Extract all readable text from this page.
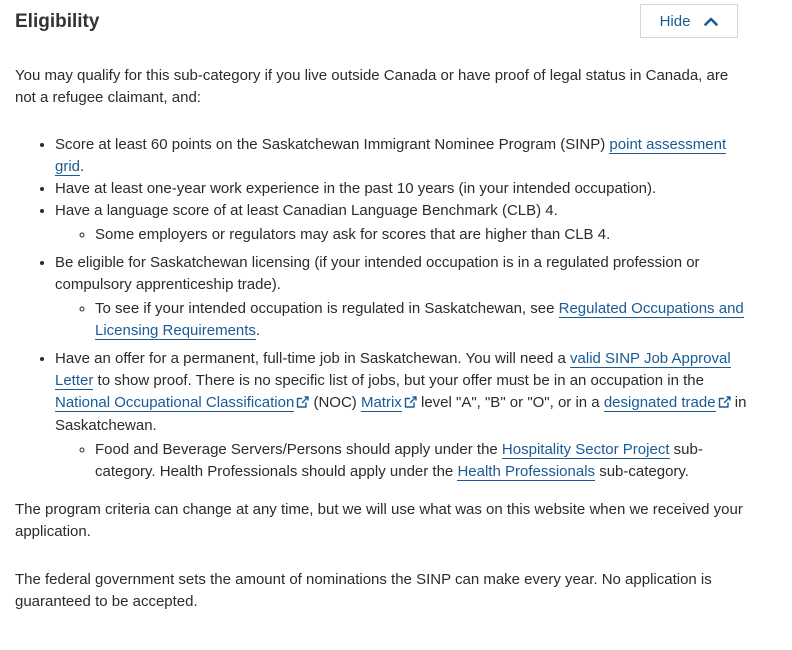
Eligibility	Hide

You may qualify for this sub-category if you live outside Canada or have proof of legal status in Canada, are not a refugee claimant, and:

• Score at least 60 points on the Saskatchewan Immigrant Nominee Program (SINP) point assessment grid.
• Have at least one-year work experience in the past 10 years (in your intended occupation).
• Have a language score of at least Canadian Language Benchmark (CLB) 4.
◦ Some employers or regulators may ask for scores that are higher than CLB 4.
• Be eligible for Saskatchewan licensing (if your intended occupation is in a regulated profession or compulsory apprenticeship trade).
◦ To see if your intended occupation is regulated in Saskatchewan, see Regulated Occupations and Licensing Requirements.
• Have an offer for a permanent, full-time job in Saskatchewan. You will need a valid SINP Job Approval Letter to show proof. There is no specific list of jobs, but your offer must be in an occupation in the National Occupational Classification (NOC) Matrix level "A", "B" or "O", or in a designated trade in Saskatchewan.
◦ Food and Beverage Servers/Persons should apply under the Hospitality Sector Project sub-category. Health Professionals should apply under the Health Professionals sub-category.

The program criteria can change at any time, but we will use what was on this website when we received your application.

The federal government sets the amount of nominations the SINP can make every year. No application is guaranteed to be accepted.
